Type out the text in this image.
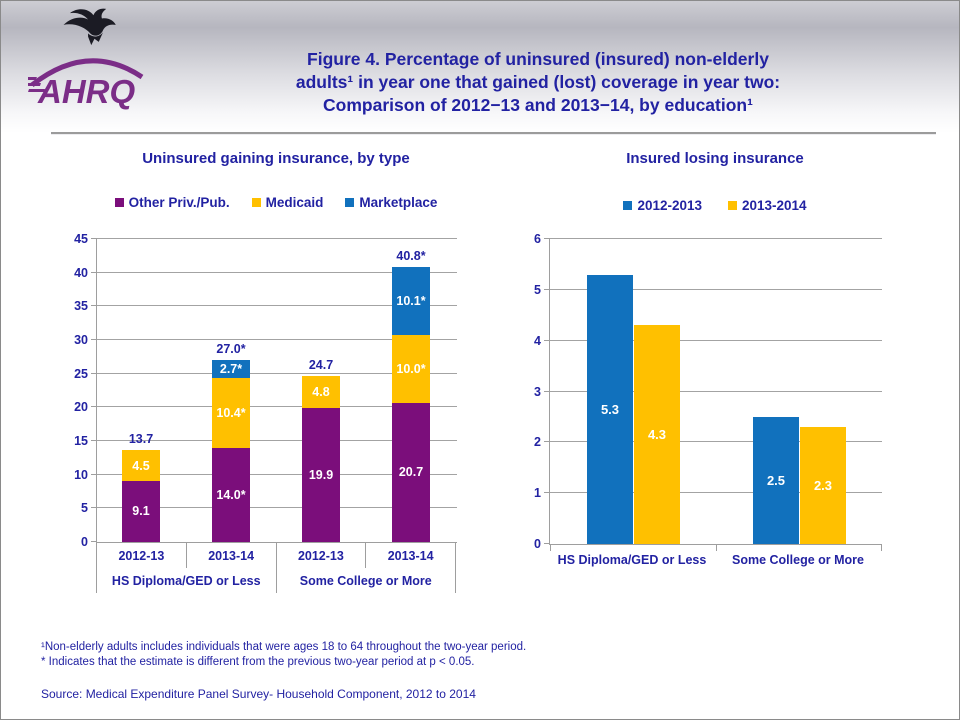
AHRQ
Figure 4. Percentage of uninsured (insured) non-elderly
adults¹ in year one that gained (lost) coverage in year two:
Comparison of 2012−13 and 2013−14, by education¹
Uninsured gaining insurance, by type
Other Priv./Pub.	Medicaid	Marketplace
0
5
10
15
20
25
30
35
40
45
9.1
4.5
13.7
14.0*
10.4*
2.7*
27.0*
19.9
4.8
24.7
20.7
10.0*
10.1*
40.8*
2012-13	2013-14	2012-13	2013-14
HS Diploma/GED or Less	Some College or More
Insured losing insurance
2012-2013	2013-2014
0
1
2
3
4
5
6
5.3
4.3
2.5 2.3
HS Diploma/GED or Less	Some College or More
¹Non-elderly adults includes individuals that were ages 18 to 64 throughout the two-year period.
* Indicates that the estimate is different from the previous two-year period at p < 0.05.
Source: Medical Expenditure Panel Survey- Household Component, 2012 to 2014
